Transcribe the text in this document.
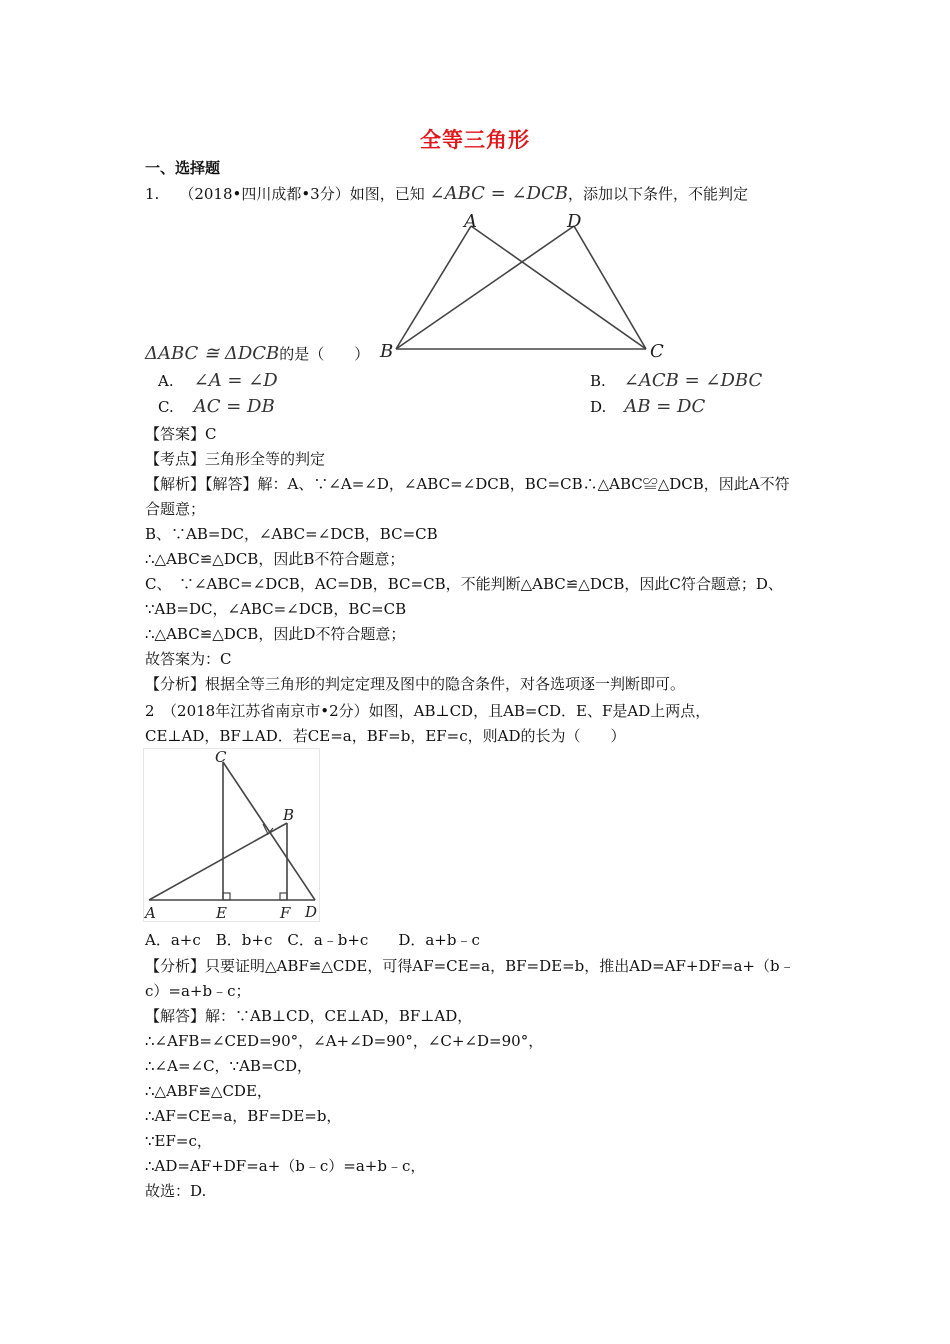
全等三角形
一、选择题
1. （2018•四川成都•3分）如图，已知 ∠ABC = ∠DCB，添加以下条件，不能判定
A	D
B	C
ΔABC ≅ ΔDCB的是（　　）
A. ∠A = ∠D	B. ∠ACB = ∠DBC
C. AC = DB	D. AB = DC
【答案】C
【考点】三角形全等的判定
【解析】【解答】解：A、∵∠A=∠D，∠ABC=∠DCB，BC=CB∴△ABC≌△DCB，因此A不符
合题意；
B、∵AB=DC，∠ABC=∠DCB，BC=CB
∴△ABC≌△DCB，因此B不符合题意；
C、　∵∠ABC=∠DCB，AC=DB，BC=CB，不能判断△ABC≌△DCB，因此C符合题意；D、
∵AB=DC，∠ABC=∠DCB，BC=CB
∴△ABC≌△DCB，因此D不符合题意；
故答案为：C
【分析】根据全等三角形的判定定理及图中的隐含条件，对各选项逐一判断即可。
2　（2018年江苏省南京市•2分）如图，AB⊥CD，且AB=CD．E、F是AD上两点，
CE⊥AD，BF⊥AD．若CE=a，BF=b，EF=c，则AD的长为（　　）
C
B
A	E	F D
A．a+c　B．b+c　C．a﹣b+c　　D．a+b﹣c
【分析】只要证明△ABF≌△CDE，可得AF=CE=a，BF=DE=b，推出AD=AF+DF=a+（b﹣
c）=a+b﹣c；
【解答】解：∵AB⊥CD，CE⊥AD，BF⊥AD，
∴∠AFB=∠CED=90°，∠A+∠D=90°，∠C+∠D=90°，
∴∠A=∠C，∵AB=CD，
∴△ABF≌△CDE，
∴AF=CE=a，BF=DE=b，
∵EF=c，
∴AD=AF+DF=a+（b﹣c）=a+b﹣c，
故选：D.
